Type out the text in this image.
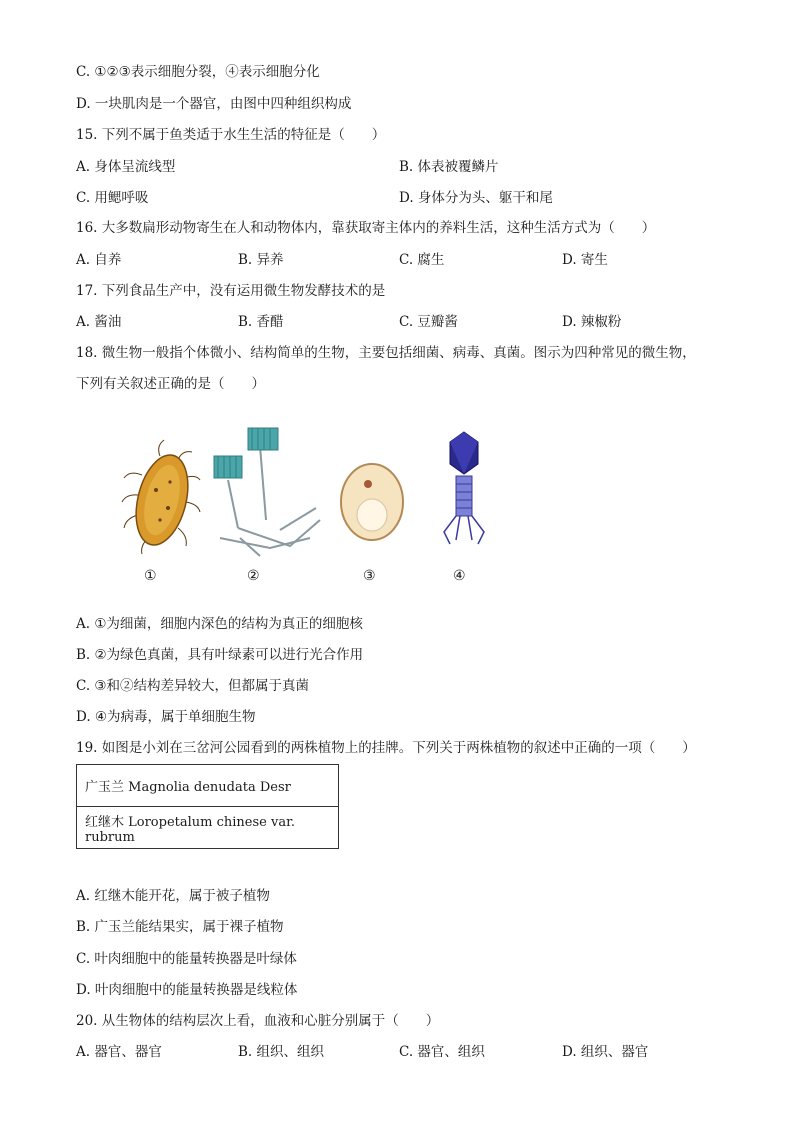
C. ①②③表示细胞分裂，④表示细胞分化
D. 一块肌肉是一个器官，由图中四种组织构成
15. 下列不属于鱼类适于水生生活的特征是（　　）
A. 身体呈流线型	B. 体表被覆鳞片
C. 用鳃呼吸	D. 身体分为头、躯干和尾
16. 大多数扁形动物寄生在人和动物体内，靠获取寄主体内的养料生活，这种生活方式为（　　）
A. 自养	B. 异养	C. 腐生	D. 寄生
17. 下列食品生产中，没有运用微生物发酵技术的是
A. 酱油	B. 香醋	C. 豆瓣酱	D. 辣椒粉
18. 微生物一般指个体微小、结构简单的生物，主要包括细菌、病毒、真菌。图示为四种常见的微生物，
下列有关叙述正确的是（　　）
①	②	③	④
A. ①为细菌，细胞内深色的结构为真正的细胞核
B. ②为绿色真菌，具有叶绿素可以进行光合作用
C. ③和②结构差异较大，但都属于真菌
D. ④为病毒，属于单细胞生物
19. 如图是小刘在三岔河公园看到的两株植物上的挂牌。下列关于两株植物的叙述中正确的一项（　　）
广玉兰 Magnolia denudata Desr
红继木 Loropetalum chinese var. rubrum
A. 红继木能开花，属于被子植物
B. 广玉兰能结果实，属于裸子植物
C. 叶肉细胞中的能量转换器是叶绿体
D. 叶肉细胞中的能量转换器是线粒体
20. 从生物体的结构层次上看，血液和心脏分别属于（　　）
A. 器官、器官	B. 组织、组织	C. 器官、组织	D. 组织、器官
